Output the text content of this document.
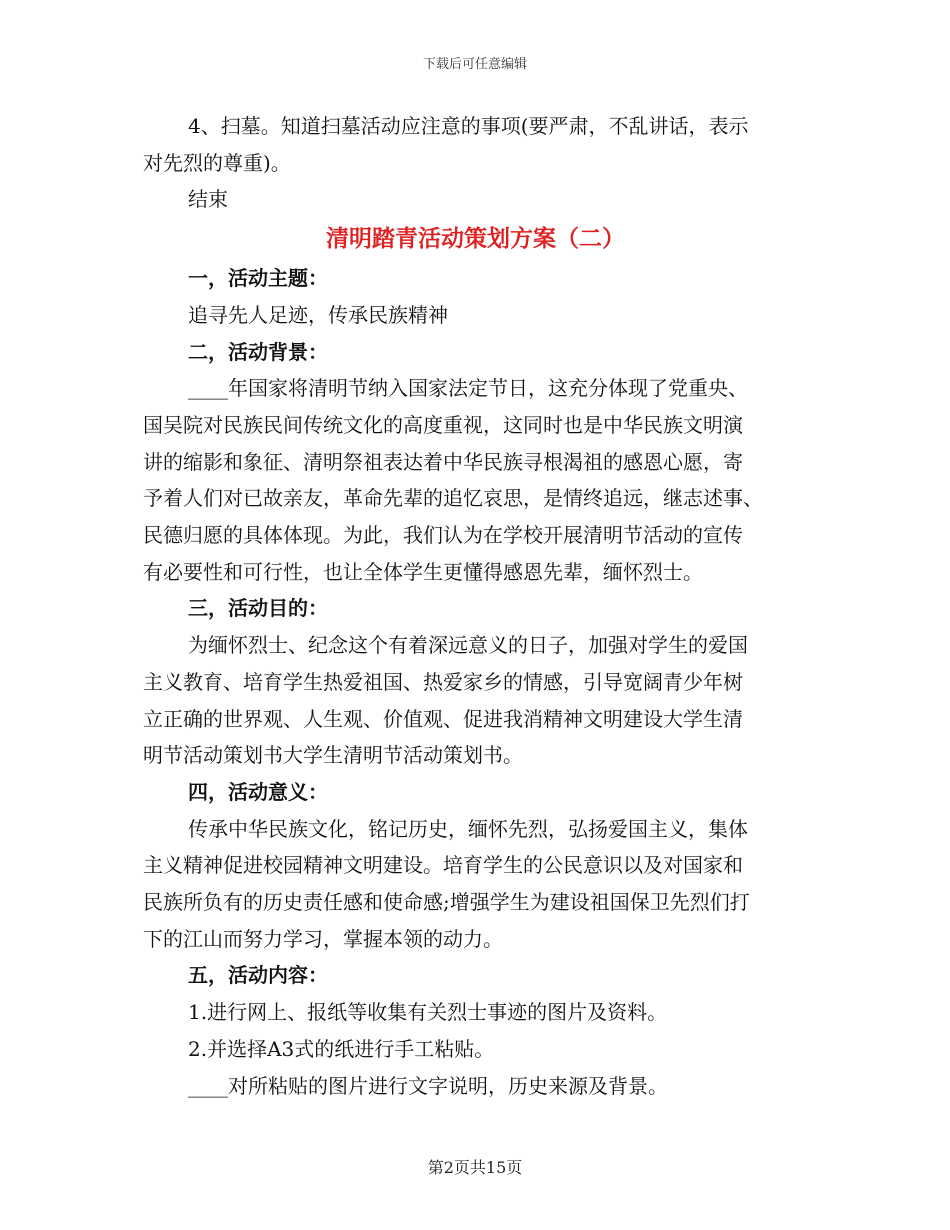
下载后可任意编辑
4、扫墓。知道扫墓活动应注意的事项(要严肃，不乱讲话，表示
对先烈的尊重)。
结束
清明踏青活动策划方案（二）
一，活动主题：
追寻先人足迹，传承民族精神
二，活动背景：
____年国家将清明节纳入国家法定节日，这充分体现了党重央、
国吴院对民族民间传统文化的高度重视，这同时也是中华民族文明演
讲的缩影和象征、清明祭祖表达着中华民族寻根渴祖的感恩心愿，寄
予着人们对已故亲友，革命先辈的追忆哀思，是情终追远，继志述事、
民德归愿的具体体现。为此，我们认为在学校开展清明节活动的宣传
有必要性和可行性，也让全体学生更懂得感恩先辈，缅怀烈士。
三，活动目的：
为缅怀烈士、纪念这个有着深远意义的日子，加强对学生的爱国
主义教育、培育学生热爱祖国、热爱家乡的情感，引导宽阔青少年树
立正确的世界观、人生观、价值观、促进我消精神文明建设大学生清
明节活动策划书大学生清明节活动策划书。
四，活动意义：
传承中华民族文化，铭记历史，缅怀先烈，弘扬爱国主义，集体
主义精神促进校园精神文明建设。培育学生的公民意识以及对国家和
民族所负有的历史责任感和使命感;增强学生为建设祖国保卫先烈们打
下的江山而努力学习，掌握本领的动力。
五，活动内容：
1.进行网上、报纸等收集有关烈士事迹的图片及资料。
2.并选择A3式的纸进行手工粘贴。
____对所粘贴的图片进行文字说明，历史来源及背景。
第2页共15页
